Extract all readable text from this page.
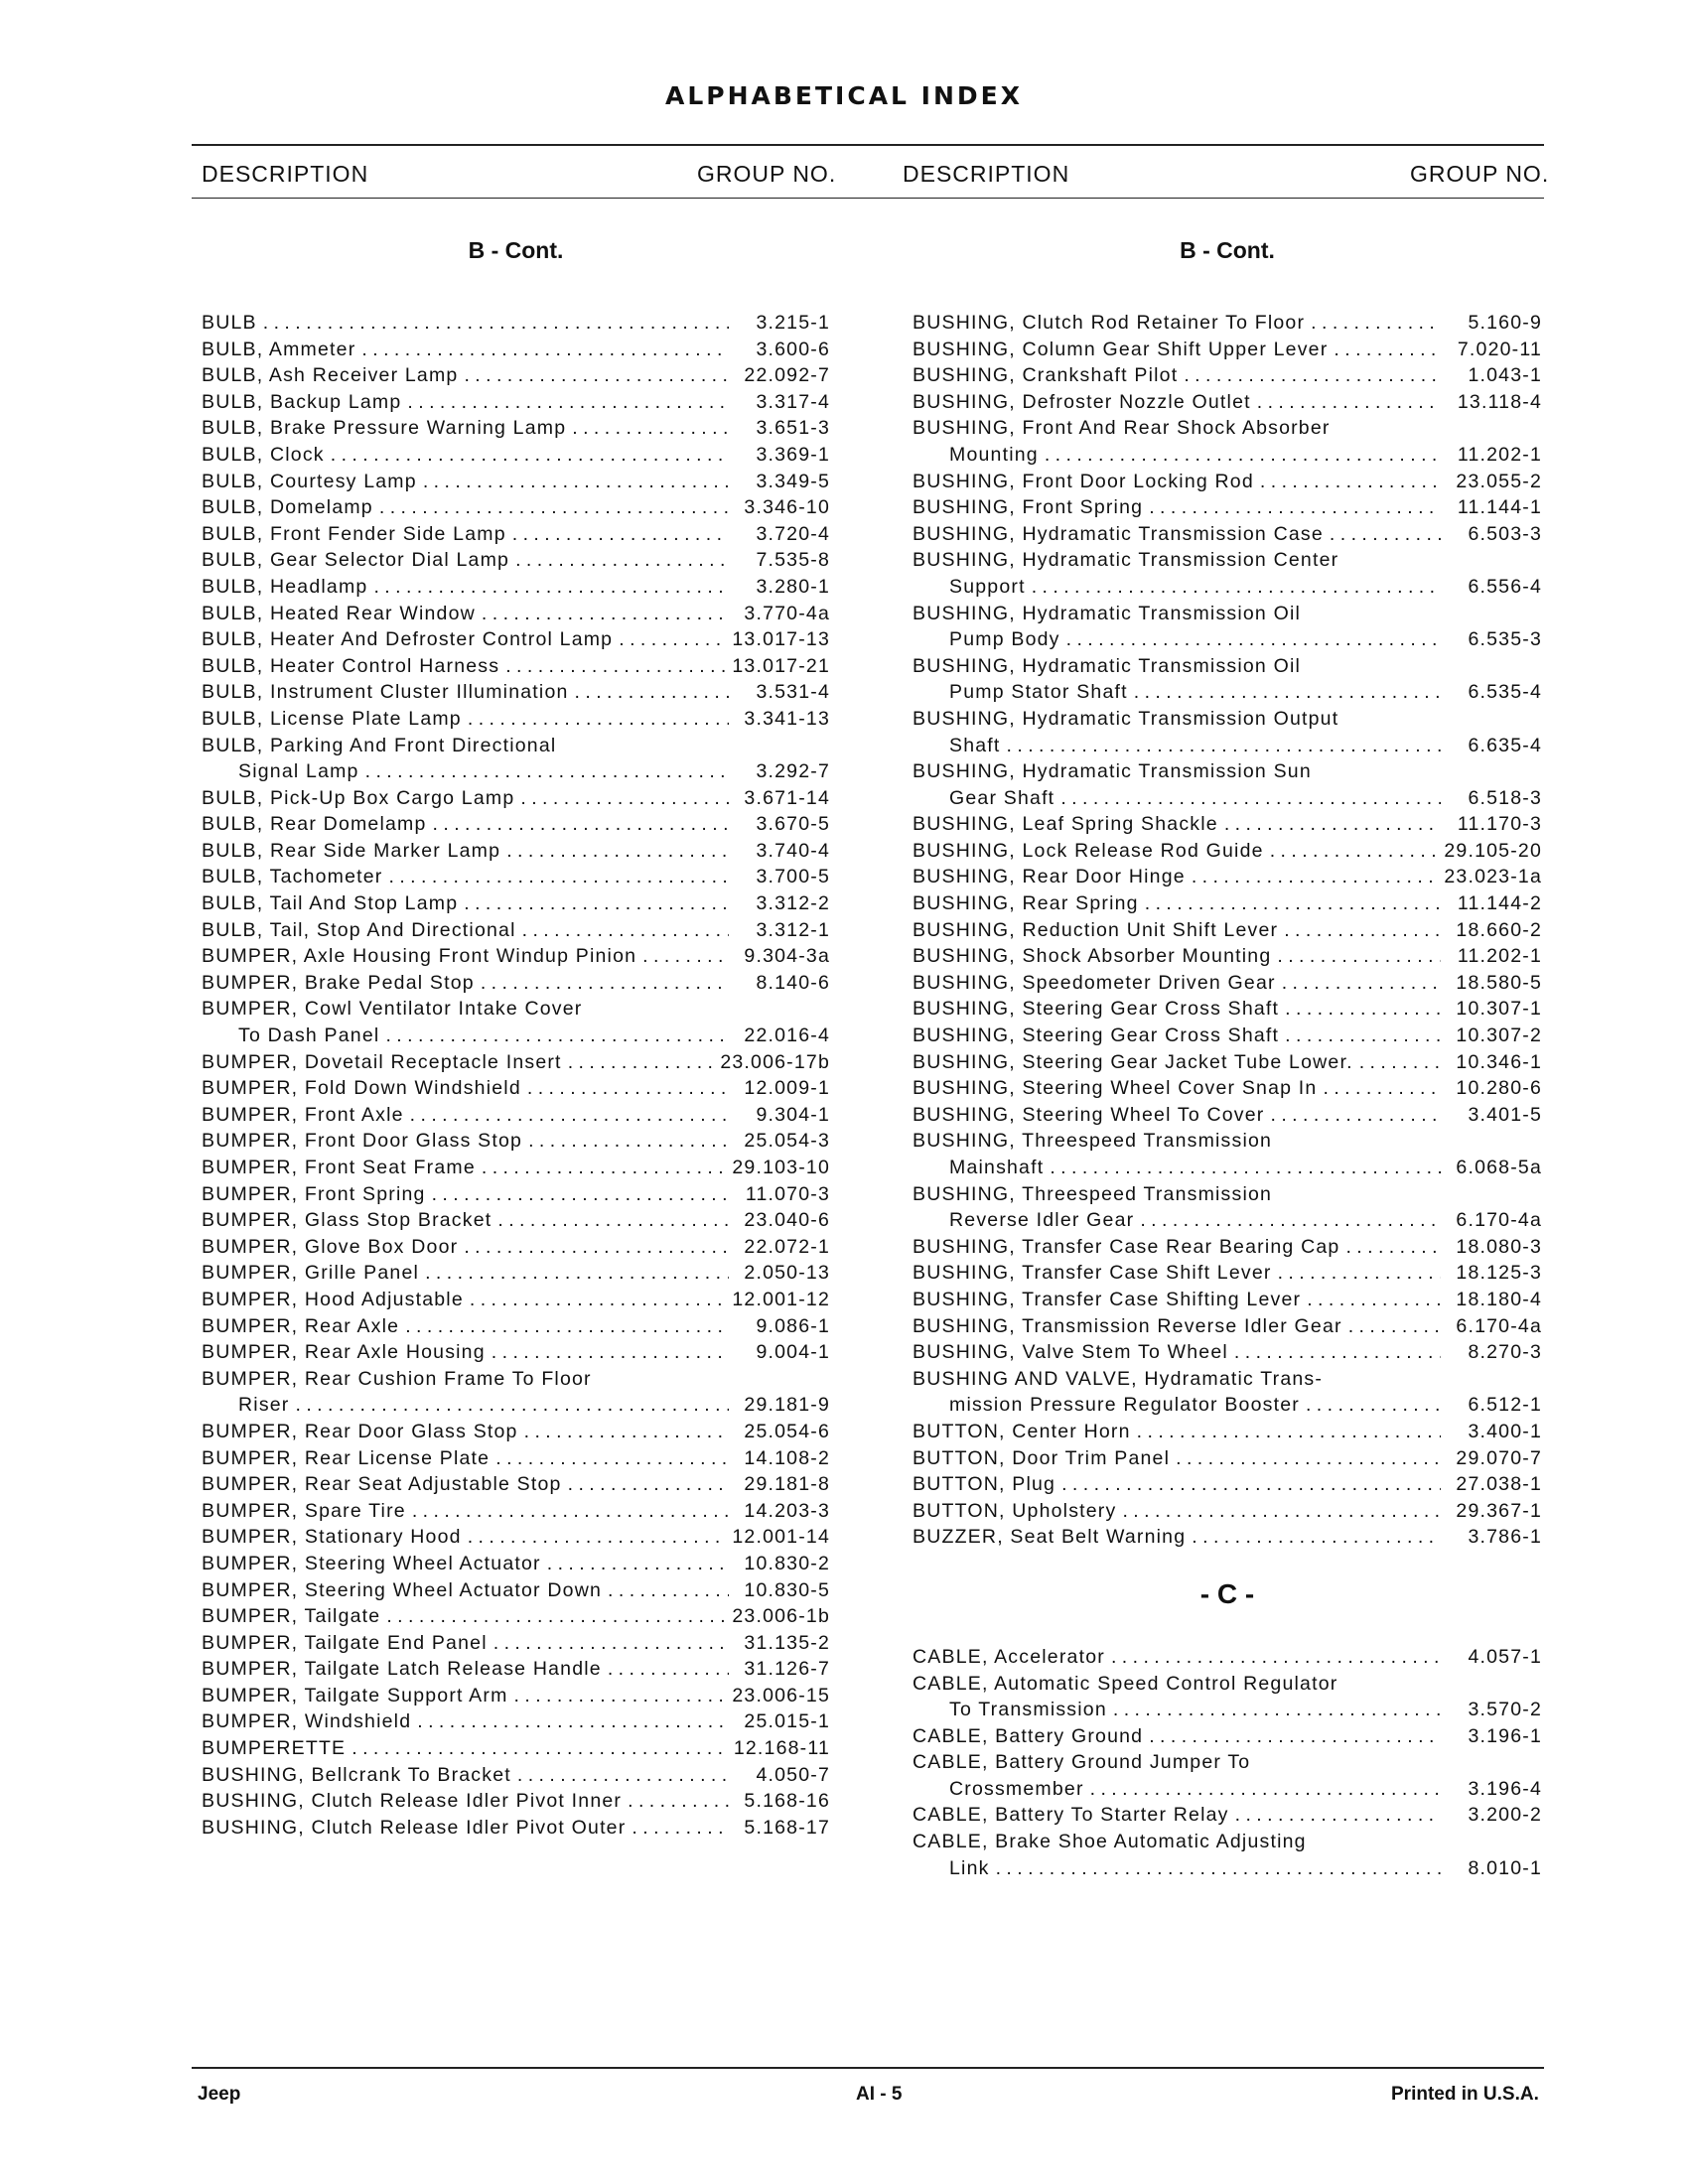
ALPHABETICAL INDEX
DESCRIPTION	GROUP NO.	DESCRIPTION	GROUP NO.
B - Cont.
BULB . . .	3.215-1
BULB, Ammeter . . .	3.600-6
BULB, Ash Receiver Lamp . . .	22.092-7
BULB, Backup Lamp . . .	3.317-4
BULB, Brake Pressure Warning Lamp . . .	3.651-3
BULB, Clock . . .	3.369-1
BULB, Courtesy Lamp . . .	3.349-5
BULB, Domelamp . . .	3.346-10
BULB, Front Fender Side Lamp . . .	3.720-4
BULB, Gear Selector Dial Lamp . . .	7.535-8
BULB, Headlamp . . .	3.280-1
BULB, Heated Rear Window . . .	3.770-4a
BULB, Heater And Defroster Control Lamp . . .	13.017-13
BULB, Heater Control Harness . . .	13.017-21
BULB, Instrument Cluster Illumination . . .	3.531-4
BULB, License Plate Lamp . . .	3.341-13
BULB, Parking And Front Directional
Signal Lamp . . .	3.292-7
BULB, Pick-Up Box Cargo Lamp . . .	3.671-14
BULB, Rear Domelamp . . .	3.670-5
BULB, Rear Side Marker Lamp . . .	3.740-4
BULB, Tachometer . . .	3.700-5
BULB, Tail And Stop Lamp . . .	3.312-2
BULB, Tail, Stop And Directional . . .	3.312-1
BUMPER, Axle Housing Front Windup Pinion . . .	9.304-3a
BUMPER, Brake Pedal Stop . . .	8.140-6
BUMPER, Cowl Ventilator Intake Cover
To Dash Panel . . .	22.016-4
BUMPER, Dovetail Receptacle Insert . . .	23.006-17b
BUMPER, Fold Down Windshield . . .	12.009-1
BUMPER, Front Axle . . .	9.304-1
BUMPER, Front Door Glass Stop . . .	25.054-3
BUMPER, Front Seat Frame . . .	29.103-10
BUMPER, Front Spring . . .	11.070-3
BUMPER, Glass Stop Bracket . . .	23.040-6
BUMPER, Glove Box Door . . .	22.072-1
BUMPER, Grille Panel . . .	2.050-13
BUMPER, Hood Adjustable . . .	12.001-12
BUMPER, Rear Axle . . .	9.086-1
BUMPER, Rear Axle Housing . . .	9.004-1
BUMPER, Rear Cushion Frame To Floor
Riser . . .	29.181-9
BUMPER, Rear Door Glass Stop . . .	25.054-6
BUMPER, Rear License Plate . . .	14.108-2
BUMPER, Rear Seat Adjustable Stop . . .	29.181-8
BUMPER, Spare Tire . . .	14.203-3
BUMPER, Stationary Hood . . .	12.001-14
BUMPER, Steering Wheel Actuator . . .	10.830-2
BUMPER, Steering Wheel Actuator Down . . .	10.830-5
BUMPER, Tailgate . . .	23.006-1b
BUMPER, Tailgate End Panel . . .	31.135-2
BUMPER, Tailgate Latch Release Handle . . .	31.126-7
BUMPER, Tailgate Support Arm . . .	23.006-15
BUMPER, Windshield . . .	25.015-1
BUMPERETTE . . .	12.168-11
BUSHING, Bellcrank To Bracket . . .	4.050-7
BUSHING, Clutch Release Idler Pivot Inner . . .	5.168-16
BUSHING, Clutch Release Idler Pivot Outer . . .	5.168-17
B - Cont.
BUSHING, Clutch Rod Retainer To Floor . . .	5.160-9
BUSHING, Column Gear Shift Upper Lever . . .	7.020-11
BUSHING, Crankshaft Pilot . . .	1.043-1
BUSHING, Defroster Nozzle Outlet . . .	13.118-4
BUSHING, Front And Rear Shock Absorber
Mounting . . .	11.202-1
BUSHING, Front Door Locking Rod . . .	23.055-2
BUSHING, Front Spring . . .	11.144-1
BUSHING, Hydramatic Transmission Case . . .	6.503-3
BUSHING, Hydramatic Transmission Center
Support . . .	6.556-4
BUSHING, Hydramatic Transmission Oil
Pump Body . . .	6.535-3
BUSHING, Hydramatic Transmission Oil
Pump Stator Shaft . . .	6.535-4
BUSHING, Hydramatic Transmission Output
Shaft . . .	6.635-4
BUSHING, Hydramatic Transmission Sun
Gear Shaft . . .	6.518-3
BUSHING, Leaf Spring Shackle . . .	11.170-3
BUSHING, Lock Release Rod Guide . . .	29.105-20
BUSHING, Rear Door Hinge . . .	23.023-1a
BUSHING, Rear Spring . . .	11.144-2
BUSHING, Reduction Unit Shift Lever . . .	18.660-2
BUSHING, Shock Absorber Mounting . . .	11.202-1
BUSHING, Speedometer Driven Gear . . .	18.580-5
BUSHING, Steering Gear Cross Shaft . . .	10.307-1
BUSHING, Steering Gear Cross Shaft . . .	10.307-2
BUSHING, Steering Gear Jacket Tube Lower. . . .	10.346-1
BUSHING, Steering Wheel Cover Snap In . . .	10.280-6
BUSHING, Steering Wheel To Cover . . .	3.401-5
BUSHING, Threespeed Transmission
Mainshaft . . .	6.068-5a
BUSHING, Threespeed Transmission
Reverse Idler Gear . . .	6.170-4a
BUSHING, Transfer Case Rear Bearing Cap . . .	18.080-3
BUSHING, Transfer Case Shift Lever . . .	18.125-3
BUSHING, Transfer Case Shifting Lever . . .	18.180-4
BUSHING, Transmission Reverse Idler Gear . . .	6.170-4a
BUSHING, Valve Stem To Wheel . . .	8.270-3
BUSHING AND VALVE, Hydramatic Trans-
mission Pressure Regulator Booster . . .	6.512-1
BUTTON, Center Horn . . .	3.400-1
BUTTON, Door Trim Panel . . .	29.070-7
BUTTON, Plug . . .	27.038-1
BUTTON, Upholstery . . .	29.367-1
BUZZER, Seat Belt Warning . . .	3.786-1
- C -
CABLE, Accelerator . . .	4.057-1
CABLE, Automatic Speed Control Regulator
To Transmission . . .	3.570-2
CABLE, Battery Ground . . .	3.196-1
CABLE, Battery Ground Jumper To
Crossmember . . .	3.196-4
CABLE, Battery To Starter Relay . . .	3.200-2
CABLE, Brake Shoe Automatic Adjusting
Link . . .	8.010-1
Jeep	AI - 5	Printed in U.S.A.
